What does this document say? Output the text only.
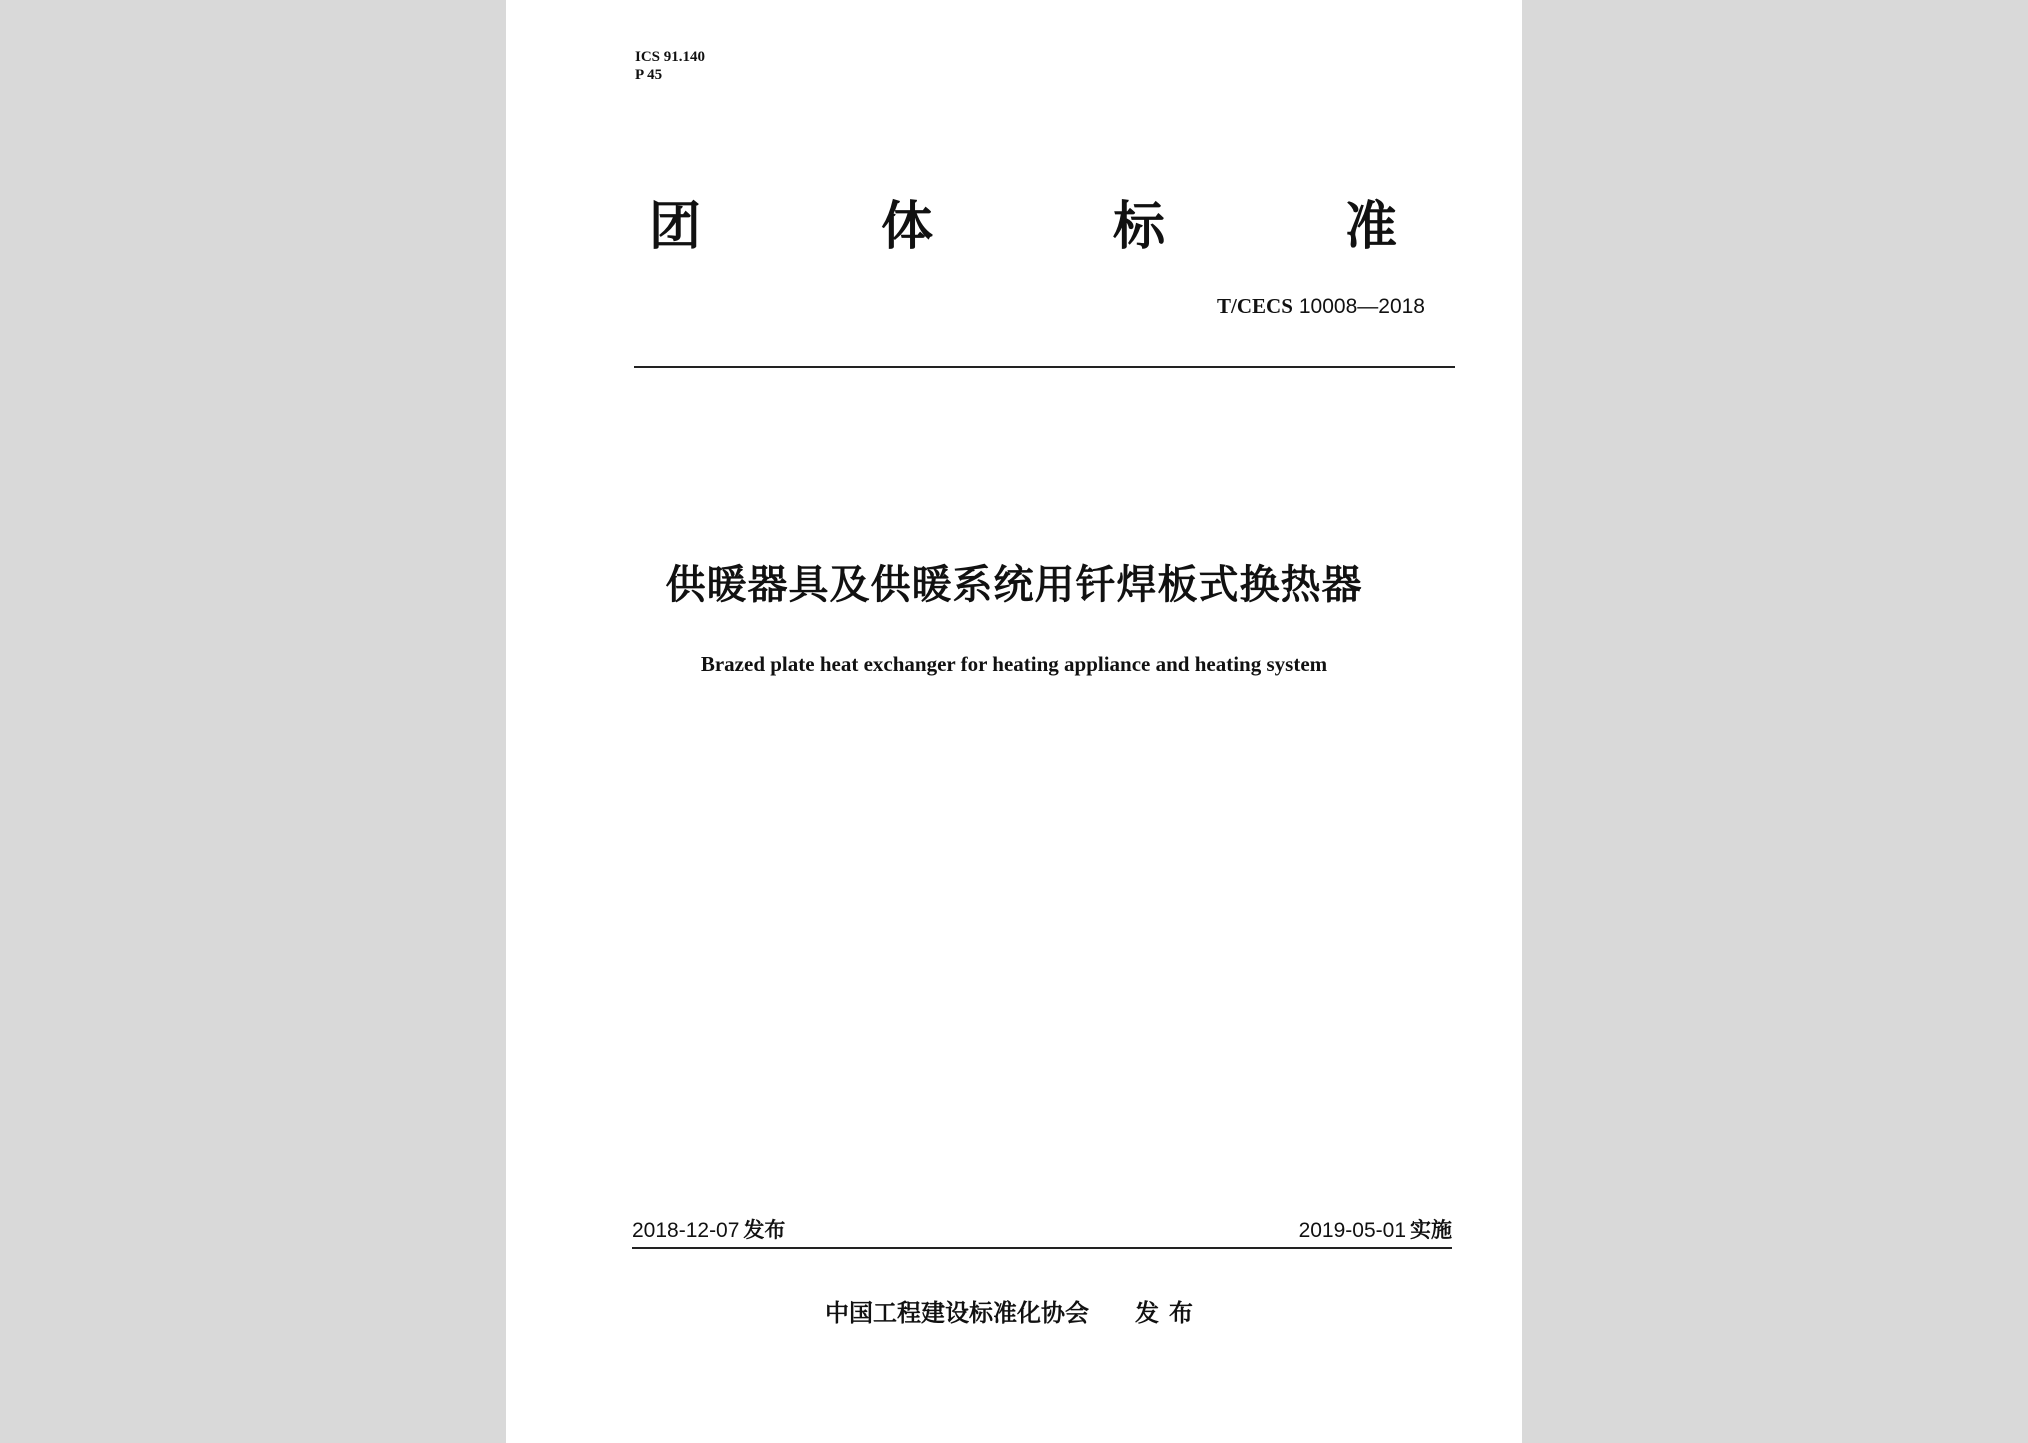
ICS 91.140
P 45
团	体	标	准
T/CECS 10008—2018
供暖器具及供暖系统用钎焊板式换热器
Brazed plate heat exchanger for heating appliance and heating system
2018-12-07 发布	2019-05-01 实施
中国工程建设标准化协会 发布
